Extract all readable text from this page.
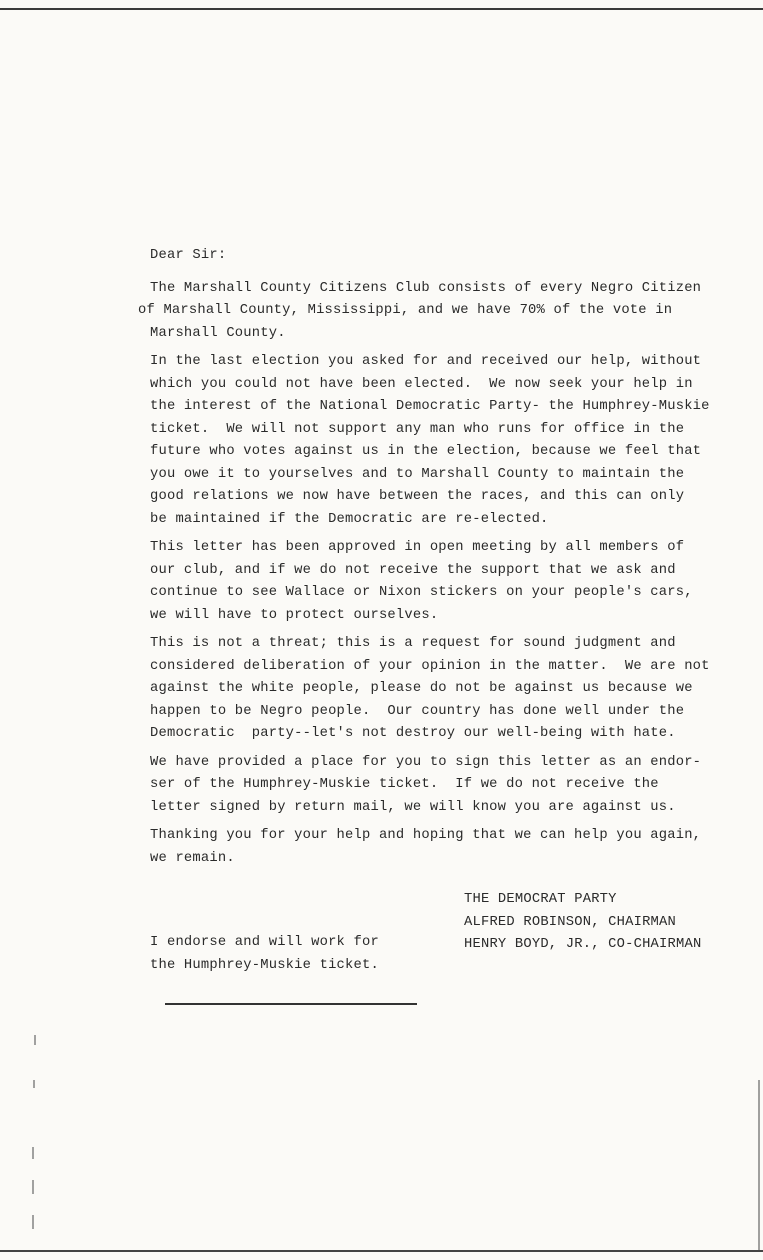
Dear Sir:
The Marshall County Citizens Club consists of every Negro Citizen
of Marshall County, Mississippi, and we have 70% of the vote in
Marshall County.
In the last election you asked for and received our help, without
which you could not have been elected.  We now seek your help in
the interest of the National Democratic Party- the Humphrey-Muskie
ticket.  We will not support any man who runs for office in the
future who votes against us in the election, because we feel that
you owe it to yourselves and to Marshall County to maintain the
good relations we now have between the races, and this can only
be maintained if the Democratic are re-elected.
This letter has been approved in open meeting by all members of
our club, and if we do not receive the support that we ask and
continue to see Wallace or Nixon stickers on your people's cars,
we will have to protect ourselves.
This is not a threat; this is a request for sound judgment and
considered deliberation of your opinion in the matter.  We are not
against the white people, please do not be against us because we
happen to be Negro people.  Our country has done well under the
Democratic  party--let's not destroy our well-being with hate.
We have provided a place for you to sign this letter as an endor-
ser of the Humphrey-Muskie ticket.  If we do not receive the
letter signed by return mail, we will know you are against us.
Thanking you for your help and hoping that we can help you again,
we remain.
THE DEMOCRAT PARTY
ALFRED ROBINSON, CHAIRMAN
HENRY BOYD, JR., CO-CHAIRMAN
I endorse and will work for
the Humphrey-Muskie ticket.
